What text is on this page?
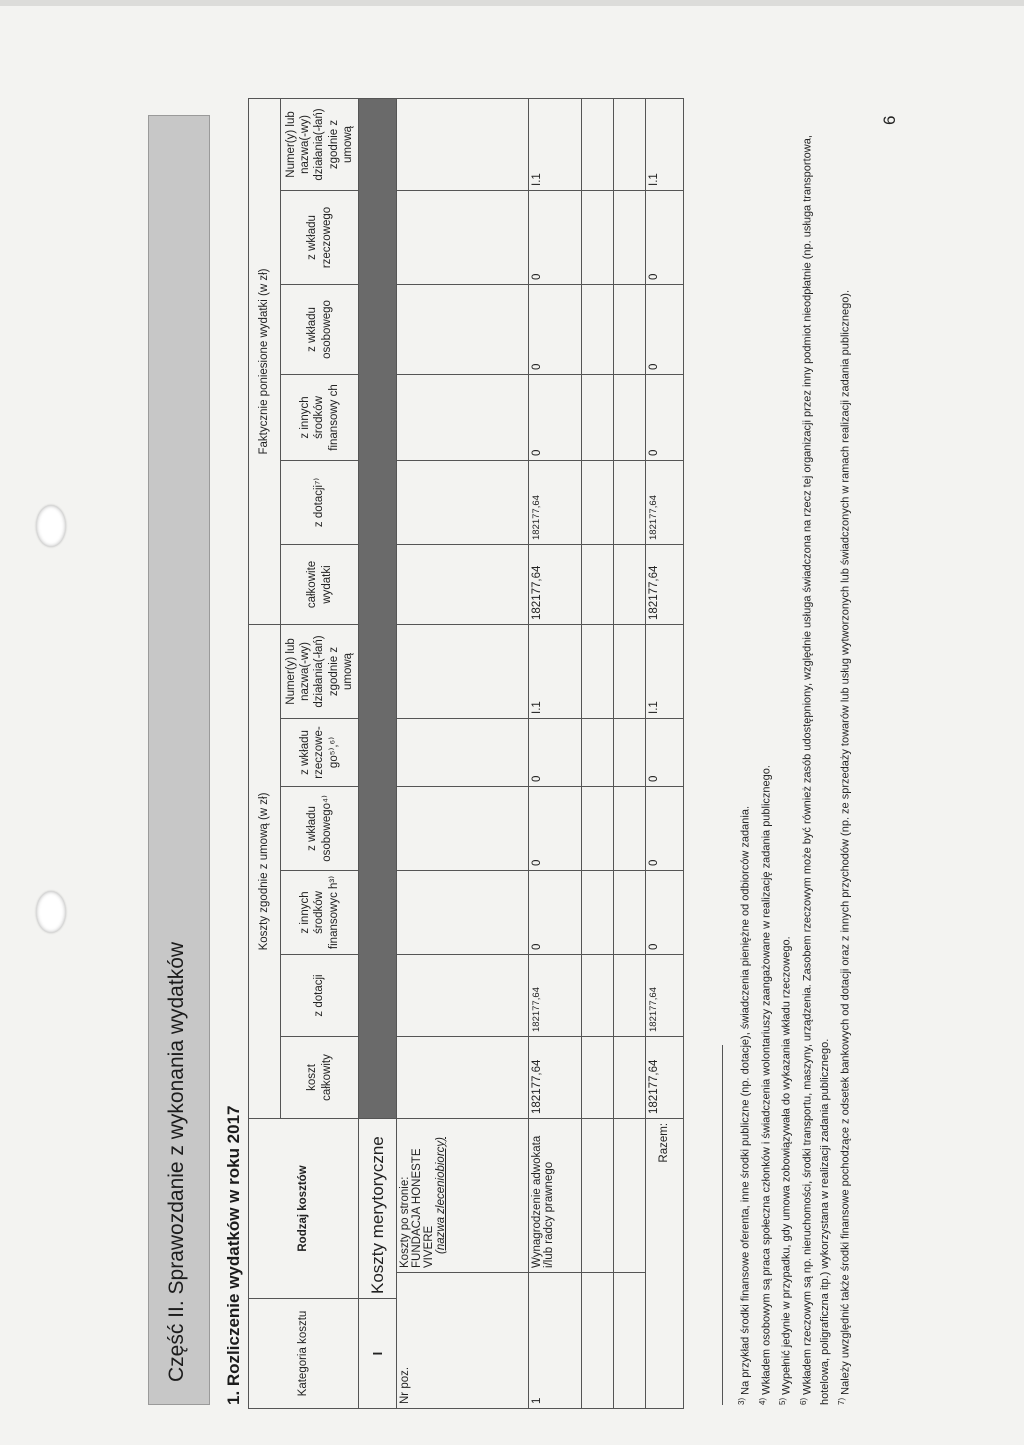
Część II. Sprawozdanie z wykonania wydatków 1. Rozliczenie wydatków w roku 2017	Kategoria kosztu	Rodzaj kosztów		Koszty zgodnie z umową (w zł)						Faktycznie poniesione wydatki (w zł)					
			koszt całkowity	z dotacji	z innych środków finansowyc h³⁾	z wkładu osobowego⁴⁾	z wkładu rzeczowe-go⁵⁾,⁶⁾	Numer(y) lub nazwa(-wy) działania(-łań) zgodnie z umową	całkowite wydatki	z dotacji⁷⁾	z innych środków finansowy ch	z wkładu osobowego	z wkładu rzeczowego	Numer(y) lub nazwa(-wy) działania(-łań) zgodnie z umową
I	Koszty merytoryczne													
Nr poz.		Koszty po stronie: FUNDACJA HONESTE VIVERE (nazwa zleceniobiorcy)												

1		Wynagrodzenie adwokata i/lub radcy prawnego	182177,64	182177,64	0	0	0	I.1	182177,64	182177,64	0	0	0	I.1

Razem:			182177,64	182177,64	0	0	0	I.1	182177,64	182177,64	0	0	0	I.1

$^{3)}$ Na przykład środki finansowe oferenta, inne środki publiczne (np. dotacje), świadczenia pieniężne od odbiorców zadania.

$^{4)}$ Wkładem osobowym są praca społeczna członków i świadczenia wolontariuszy zaangażowane w realizację zadania publicznego.

$^{5)}$ Wypełnić jedynie w przypadku, gdy umowa zobowiązywała do wykazania wkładu rzeczowego.

$^{6)}$ Wkładem rzeczowym są np. nieruchomości, środki transportu, maszyny, urządzenia. Zasobem rzeczowym może być również zasób udostępniony, względnie usługa świadczona na rzecz tej organizacji przez inny podmiot nieodpłatnie (np. usługa transportowa, hotelowa, poligraficzna itp.) wykorzystana w realizacji zadania publicznego. $^{7)}$ Należy uwzględnić także środki finansowe pochodzące z odsetek bankowych od dotacji oraz z innych przychodów (np. ze sprzedaży towarów lub usług wytworzonych lub świadczonych w ramach realizacji zadania publicznego).

6
